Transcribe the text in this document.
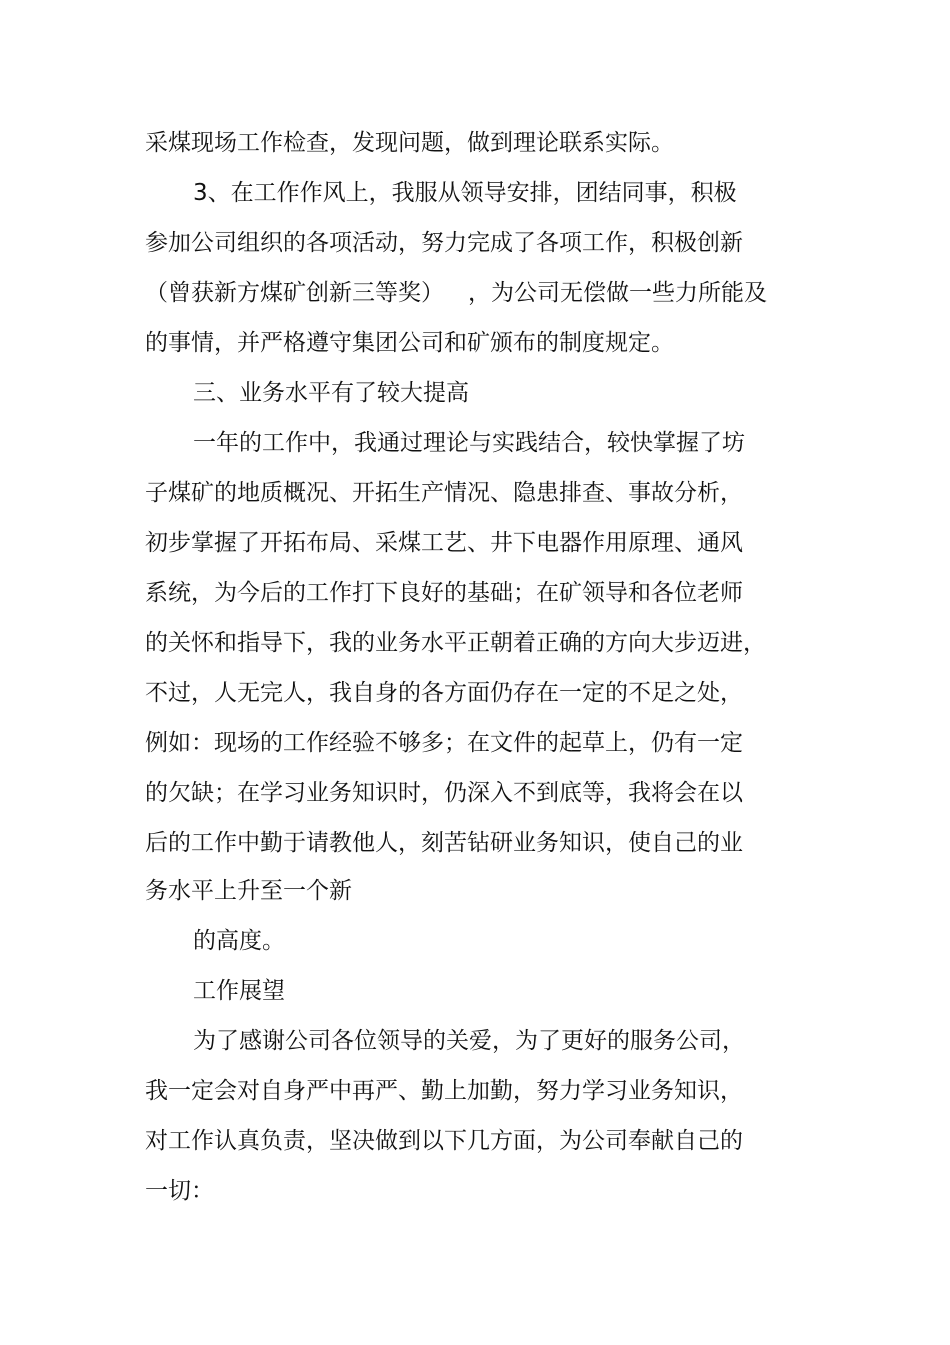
采煤现场工作检查，发现问题，做到理论联系实际。
3、在工作作风上，我服从领导安排，团结同事，积极
参加公司组织的各项活动，努力完成了各项工作，积极创新
（曾获新方煤矿创新三等奖） ，为公司无偿做一些力所能及
的事情，并严格遵守集团公司和矿颁布的制度规定。
三、业务水平有了较大提高
一年的工作中，我通过理论与实践结合，较快掌握了坊
子煤矿的地质概况、开拓生产情况、隐患排查、事故分析，
初步掌握了开拓布局、采煤工艺、井下电器作用原理、通风
系统，为今后的工作打下良好的基础；在矿领导和各位老师
的关怀和指导下，我的业务水平正朝着正确的方向大步迈进，
不过，人无完人，我自身的各方面仍存在一定的不足之处，
例如：现场的工作经验不够多；在文件的起草上，仍有一定
的欠缺；在学习业务知识时，仍深入不到底等，我将会在以
后的工作中勤于请教他人，刻苦钻研业务知识，使自己的业
务水平上升至一个新
的高度。
工作展望
为了感谢公司各位领导的关爱，为了更好的服务公司，
我一定会对自身严中再严、勤上加勤，努力学习业务知识，
对工作认真负责，坚决做到以下几方面，为公司奉献自己的
一切：
